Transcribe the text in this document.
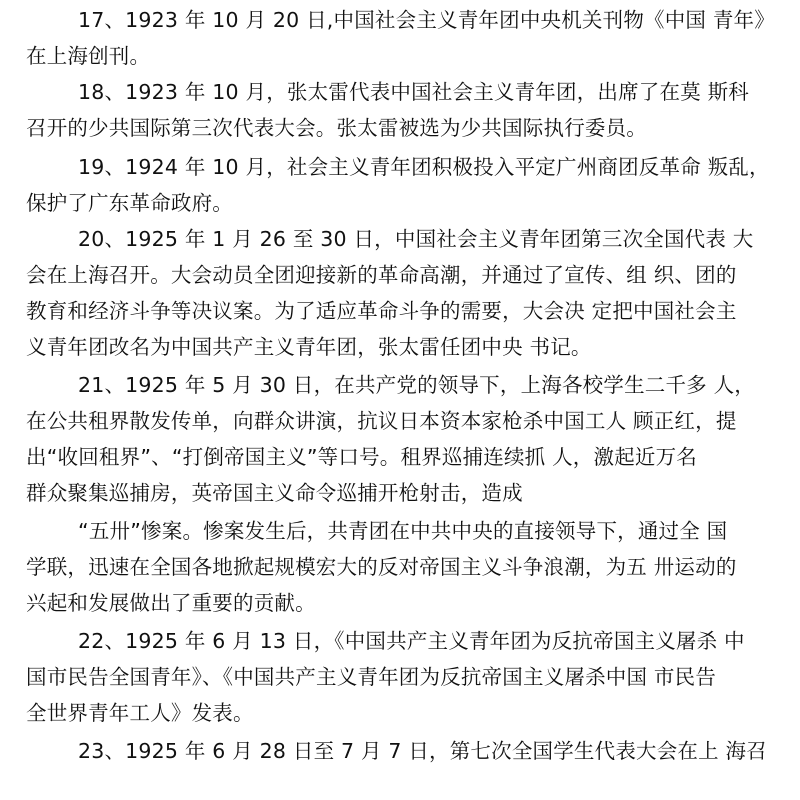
17、1923 年 10 月 20 日,中国社会主义青年团中央机关刊物《中国 青年》
在上海创刊。
18、1923 年 10 月，张太雷代表中国社会主义青年团，出席了在莫 斯科
召开的少共国际第三次代表大会。张太雷被选为少共国际执行委员。
19、1924 年 10 月，社会主义青年团积极投入平定广州商团反革命 叛乱，
保护了广东革命政府。
20、1925 年 1 月 26 至 30 日，中国社会主义青年团第三次全国代表 大
会在上海召开。大会动员全团迎接新的革命高潮，并通过了宣传、组 织、团的
教育和经济斗争等决议案。为了适应革命斗争的需要，大会决 定把中国社会主
义青年团改名为中国共产主义青年团，张太雷任团中央 书记。
21、1925 年 5 月 30 日，在共产党的领导下，上海各校学生二千多 人，
在公共租界散发传单，向群众讲演，抗议日本资本家枪杀中国工人 顾正红，提
出“收回租界”、“打倒帝国主义”等口号。租界巡捕连续抓 人，激起近万名
群众聚集巡捕房，英帝国主义命令巡捕开枪射击，造成
“五卅”惨案。惨案发生后，共青团在中共中央的直接领导下，通过全 国
学联，迅速在全国各地掀起规模宏大的反对帝国主义斗争浪潮，为五 卅运动的
兴起和发展做出了重要的贡献。
22、1925 年 6 月 13 日，《中国共产主义青年团为反抗帝国主义屠杀 中
国市民告全国青年》、《中国共产主义青年团为反抗帝国主义屠杀中国 市民告
全世界青年工人》发表。
23、1925 年 6 月 28 日至 7 月 7 日，第七次全国学生代表大会在上 海召
